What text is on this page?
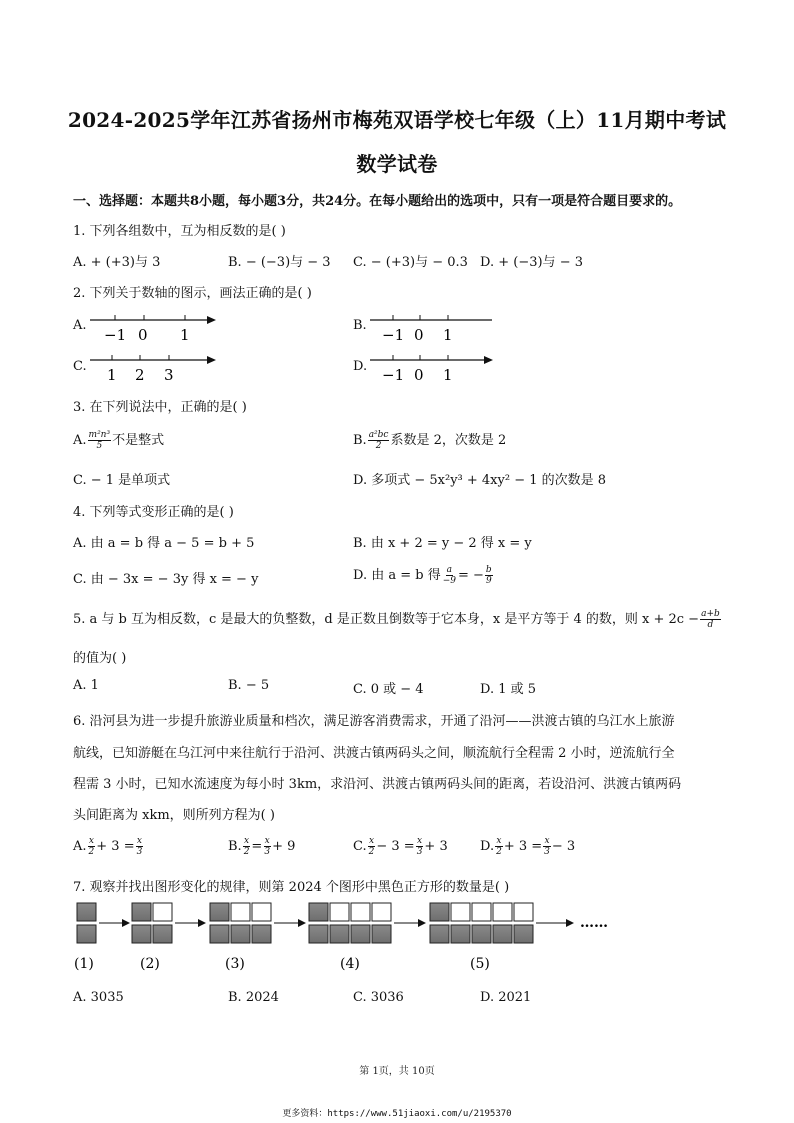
2024-2025学年江苏省扬州市梅苑双语学校七年级（上）11月期中考试
数学试卷
一、选择题：本题共8小题，每小题3分，共24分。在每小题给出的选项中，只有一项是符合题目要求的。
1. 下列各组数中，互为相反数的是( )
A. + (+3)与 3	B. − (−3)与 − 3 C. − (+3)与 − 0.3 D. + (−3)与 − 3
2. 下列关于数轴的图示，画法正确的是( )
A.
−1 0 1
B.
−1 0 1
C. 1 2 3	D. −1 0 1
3. 在下列说法中，正确的是( )
A. $\frac{\text{m²n³}}{5}$ 不是整式	B. $\frac{\text{a²bc}}{2}$ 系数是 2，次数是 2
C. − 1 是单项式	D. 多项式 − 5x²y³ + 4xy² − 1 的次数是 8
4. 下列等式变形正确的是( )
A. 由 a = b 得 a − 5 = b + 5	B. 由 x + 2 = y − 2 得 x = y
C. 由 − 3x = − 3y 得 x = − y	D. 由 a = b 得 $\frac{a}{-9}$ = − $\frac{b}{9}$
5. a 与 b 互为相反数，c 是最大的负整数，d 是正数且倒数等于它本身，x 是平方等于 4 的数，则 $x + 2c - \frac{a+b}{d}$
的值为( )
A. 1	B. − 5	C. 0 或 − 4	D. 1 或 5
6. 沿河县为进一步提升旅游业质量和档次，满足游客消费需求，开通了沿河——洪渡古镇的乌江水上旅游
航线，已知游艇在乌江河中来往航行于沿河、洪渡古镇两码头之间，顺流航行全程需 2 小时，逆流航行全
程需 3 小时，已知水流速度为每小时 3km，求沿河、洪渡古镇两码头间的距离，若设沿河、洪渡古镇两码
头间距离为 xkm，则所列方程为( )
A. $\frac{x}{2} + 3 = \frac{x}{3}$	B. $\frac{x}{2} = \frac{x}{3} + 9$	C. $\frac{x}{2} - 3 = \frac{x}{3} + 3$ D. $\frac{x}{2} + 3 = \frac{x}{3} - 3$
7. 观察并找出图形变化的规律，则第 2024 个图形中黑色正方形的数量是( )
……
(1)	(2)	(3)	(4)	(5)
A. 3035	B. 2024	C. 3036	D. 2021
第 1页，共 10页
更多资料：https://www.51jiaoxi.com/u/2195370
